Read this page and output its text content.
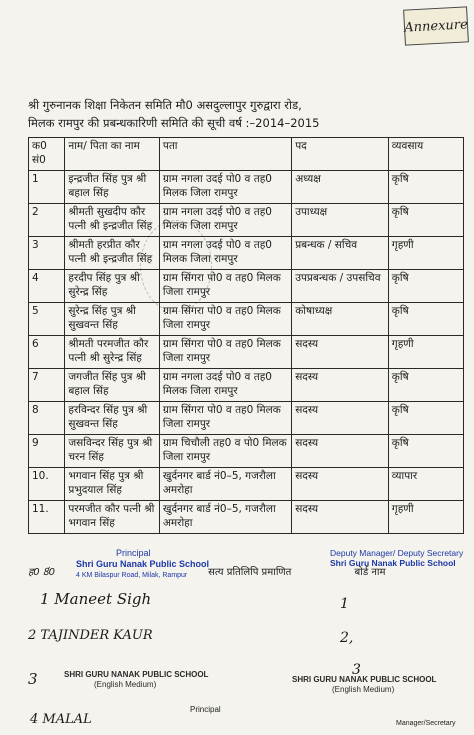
Annexure
श्री गुरुनानक शिक्षा निकेतन समिति मौ0 असदुल्लापुर गुरुद्वारा रोड,
मिलक रामपुर की प्रबन्धकारिणी समिति की सूची वर्ष :–2014–2015
क0 सं0	नाम/ पिता का नाम	पता	पद	व्यवसाय
1	इन्द्रजीत सिंह पुत्र श्री बहाल सिंह	ग्राम नगला उदई पो0 व तह0 मिलक जिला रामपुर	अध्यक्ष	कृषि
2	श्रीमती सुखदीप कौर पत्नी श्री इन्द्रजीत सिंह	ग्राम नगला उदई पो0 व तह0 मिलक जिला रामपुर	उपाध्यक्ष	कृषि
3	श्रीमती हरप्रीत कौर पत्नी श्री इन्द्रजीत सिंह	ग्राम नगला उदई पो0 व तह0 मिलक जिला रामपुर	प्रबन्धक / सचिव	गृहणी
4	हरदीप सिंह पुत्र श्री सुरेन्द्र सिंह	ग्राम सिंगरा पो0 व तह0 मिलक जिला रामपुर	उपप्रबन्धक / उपसचिव	कृषि
5	सुरेन्द्र सिंह पुत्र श्री सुखवन्त सिंह	ग्राम सिंगरा पो0 व तह0 मिलक जिला रामपुर	कोषाध्यक्ष	कृषि
6	श्रीमती परमजीत कौर पत्नी श्री सुरेन्द्र सिंह	ग्राम सिंगरा पो0 व तह0 मिलक जिला रामपुर	सदस्य	गृहणी
7	जगजीत सिंह पुत्र श्री बहाल सिंह	ग्राम नगला उदई पो0 व तह0 मिलक जिला रामपुर	सदस्य	कृषि
8	हरविन्दर सिंह पुत्र श्री सुखवन्त सिंह	ग्राम सिंगरा पो0 व तह0 मिलक जिला रामपुर	सदस्य	कृषि
9	जसविन्दर सिंह पुत्र श्री चरन सिंह	ग्राम चिचौली तह0 व पो0 मिलक जिला रामपुर	सदस्य	कृषि
10.	भगवान सिंह पुत्र श्री प्रभुदयाल सिंह	खुर्दनगर बार्ड नं0–5, गजरौला अमरोहा	सदस्य	व्यापार
11.	परमजीत कौर पत्नी श्री भगवान सिंह	खुर्दनगर बार्ड नं0–5, गजरौला अमरोहा	सदस्य	गृहणी
ह0 8ं0	सत्य प्रतिलिपि प्रमाणित	बोर्ड नाम
Principal
Shri Guru Nanak Public School
4 KM Bilaspur Road, Milak, Rampur
Deputy Manager/ Deputy Secretary
Shri Guru Nanak Public School
1 Maneet Sigh
2 TAJINDER KAUR
3
4 MALAL
1
2,
3
SHRI GURU NANAK PUBLIC SCHOOL
(English Medium)
SHRI GURU NANAK PUBLIC SCHOOL
(English Medium)
Principal
Manager/Secretary
